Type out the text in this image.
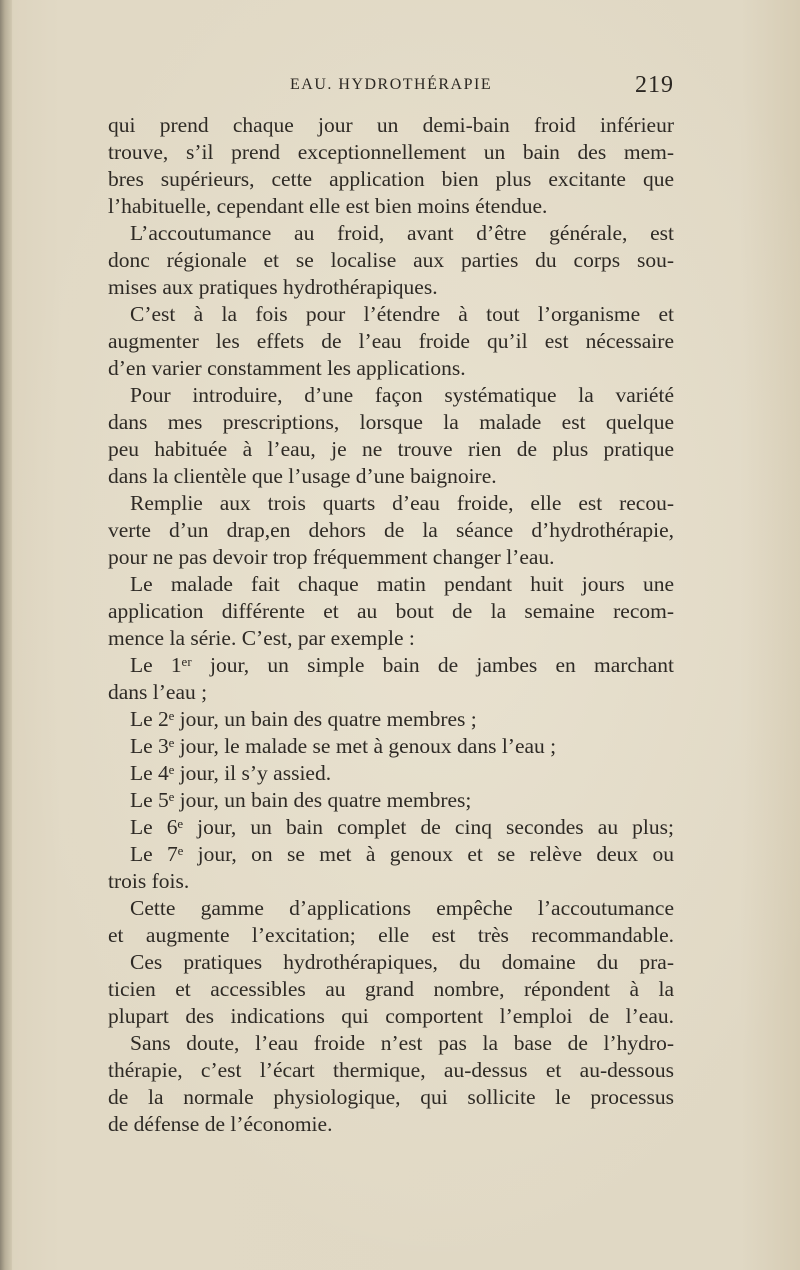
EAU. HYDROTHÉRAPIE	219
qui prend chaque jour un demi-bain froid inférieur
trouve, s’il prend exceptionnellement un bain des mem-
bres supérieurs, cette application bien plus excitante que
l’habituelle, cependant elle est bien moins étendue.
L’accoutumance au froid, avant d’être générale, est
donc régionale et se localise aux parties du corps sou-
mises aux pratiques hydrothérapiques.
C’est à la fois pour l’étendre à tout l’organisme et
augmenter les effets de l’eau froide qu’il est nécessaire
d’en varier constamment les applications.
Pour introduire, d’une façon systématique la variété
dans mes prescriptions, lorsque la malade est quelque
peu habituée à l’eau, je ne trouve rien de plus pratique
dans la clientèle que l’usage d’une baignoire.
Remplie aux trois quarts d’eau froide, elle est recou-
verte d’un drap,en dehors de la séance d’hydrothérapie,
pour ne pas devoir trop fréquemment changer l’eau.
Le malade fait chaque matin pendant huit jours une
application différente et au bout de la semaine recom-
mence la série. C’est, par exemple :
Le 1ᵉʳ jour, un simple bain de jambes en marchant
dans l’eau ;
Le 2ᵉ jour, un bain des quatre membres ;
Le 3ᵉ jour, le malade se met à genoux dans l’eau ;
Le 4ᵉ jour, il s’y assied.
Le 5ᵉ jour, un bain des quatre membres;
Le 6ᵉ jour, un bain complet de cinq secondes au plus;
Le 7ᵉ jour, on se met à genoux et se relève deux ou
trois fois.
Cette gamme d’applications empêche l’accoutumance
et augmente l’excitation; elle est très recommandable.
Ces pratiques hydrothérapiques, du domaine du pra-
ticien et accessibles au grand nombre, répondent à la
plupart des indications qui comportent l’emploi de l’eau.
Sans doute, l’eau froide n’est pas la base de l’hydro-
thérapie, c’est l’écart thermique, au-dessus et au-dessous
de la normale physiologique, qui sollicite le processus
de défense de l’économie.
